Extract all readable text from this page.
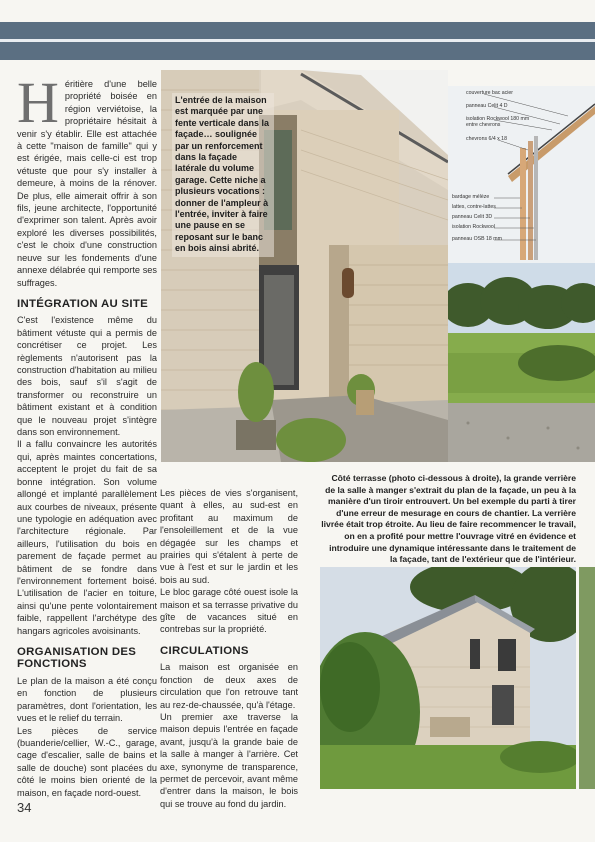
Héritière d'une belle propriété boisée en région verviétoise, la propriétaire hésitait à venir s'y établir. Elle est attachée à cette "maison de famille" qui y est érigée, mais celle-ci est trop vétuste que pour s'y installer à demeure, à moins de la rénover. De plus, elle aimerait offrir à son fils, jeune architecte, l'opportunité d'exprimer son talent. Après avoir exploré les diverses possibilités, c'est le choix d'une construction neuve sur les fondements d'une annexe délabrée qui remporte ses suffrages.

INTÉGRATION AU SITE

C'est l'existence même du bâtiment vétuste qui a permis de concrétiser ce projet. Les règlements n'autorisent pas la construction d'habitation au milieu des bois, sauf s'il s'agit de transformer ou reconstruire un bâtiment existant et à condition que le nouveau projet s'intègre dans son environnement.

Il a fallu convaincre les autorités qui, après maintes concertations, acceptent le projet du fait de sa bonne intégration. Son volume allongé et implanté parallèlement aux courbes de niveaux, présente une typologie en adéquation avec l'architecture régionale. Par ailleurs, l'utilisation du bois en parement de façade permet au bâtiment de se fondre dans l'environnement fortement boisé. L'utilisation de l'acier en toiture, ainsi qu'une pente volontairement faible, rappellent l'archétype des hangars agricoles avoisinants.

ORGANISATION DES FONCTIONS

Le plan de la maison a été conçu en fonction de plusieurs paramètres, dont l'orientation, les vues et le relief du terrain.

Les pièces de service (buanderie/cellier, W.-C., garage, cage d'escalier, salle de bains et salle de douche) sont placées du côté le moins bien orienté de la maison, en façade nord-ouest.

L'entrée de la maison est marquée par une fente verticale dans la façade… soulignée par un renforcement dans la façade latérale du volume garage. Cette niche a plusieurs vocations : donner de l'ampleur à l'entrée, inviter à faire une pause en se reposant sur le banc en bois ainsi abrité.
couverture bac acier
panneau Celit 4 D
isolation Rockwool 180 mm
entre chevrons
chevrons 6/4 x 18
bardage mélèze
lattes, contre-lattes
panneau Celit 3D
isolation Rockwool
panneau OSB 18 mm
Côté terrasse (photo ci-dessous à droite), la grande verrière de la salle à manger s'extrait du plan de la façade, un peu à la manière d'un tiroir entrouvert. Un bel exemple du parti à tirer d'une erreur de mesurage en cours de chantier. La verrière livrée était trop étroite. Au lieu de faire recommencer le travail, on en a profité pour mettre l'ouvrage vitré en évidence et introduire une dynamique intéressante dans le traitement de la façade, tant de l'extérieur que de l'intérieur.

Les pièces de vies s'organisent, quant à elles, au sud-est en profitant au maximum de l'ensoleillement et de la vue dégagée sur les champs et prairies qui s'étalent à perte de vue à l'est et sur le jardin et les bois au sud.

Le bloc garage côté ouest isole la maison et sa terrasse privative du gîte de vacances situé en contrebas sur la propriété.

CIRCULATIONS

La maison est organisée en fonction de deux axes de circulation que l'on retrouve tant au rez-de-chaussée, qu'à l'étage.

Un premier axe traverse la maison depuis l'entrée en façade avant, jusqu'à la grande baie de la salle à manger à l'arrière. Cet axe, synonyme de transparence, permet de percevoir, avant même d'entrer dans la maison, le bois qui se trouve au fond du jardin.

34
